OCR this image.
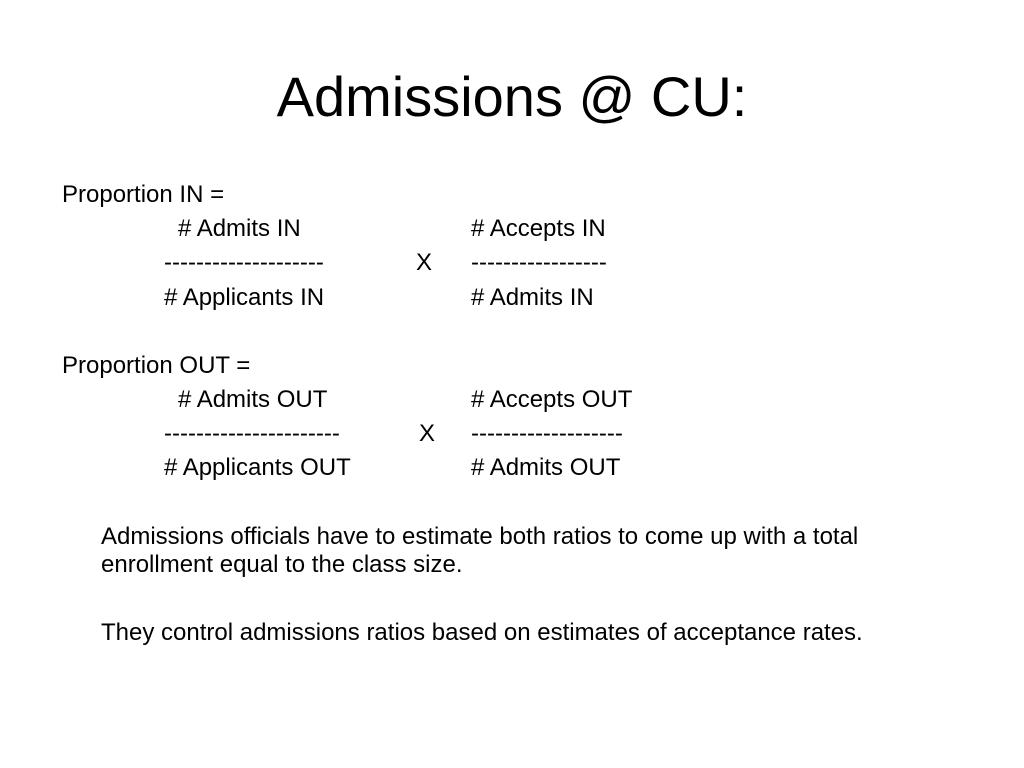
Admissions @ CU:
Proportion IN =
# Admits IN	# Accepts IN
--------------------	X -----------------
# Applicants IN	# Admits IN
Proportion OUT =
# Admits OUT	# Accepts OUT
----------------------	X -------------------
# Applicants OUT	# Admits OUT
Admissions officials have to estimate both ratios to come up with a total enrollment equal to the class size.
They control admissions ratios based on estimates of acceptance rates.
